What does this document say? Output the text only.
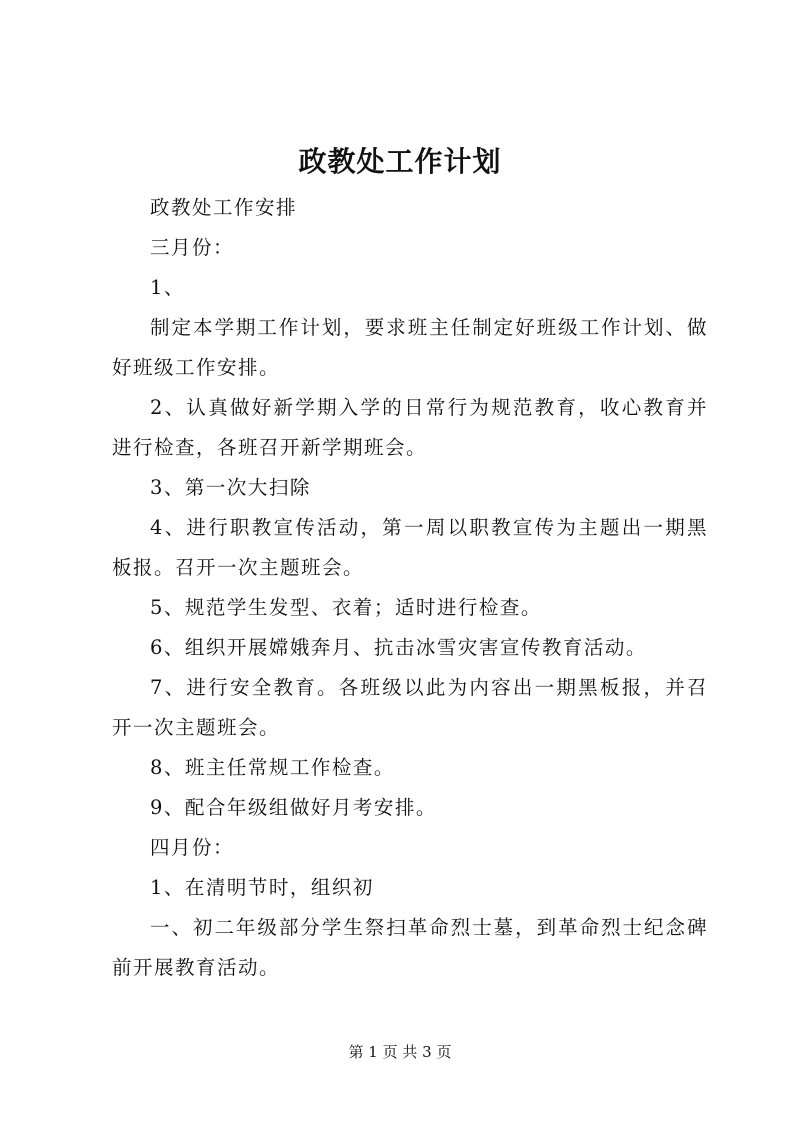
政教处工作计划

政教处工作安排

三月份：

1、

制定本学期工作计划，要求班主任制定好班级工作计划、做好班级工作安排。

2、认真做好新学期入学的日常行为规范教育，收心教育并进行检查，各班召开新学期班会。

3、第一次大扫除

4、进行职教宣传活动，第一周以职教宣传为主题出一期黑板报。召开一次主题班会。

5、规范学生发型、衣着；适时进行检查。

6、组织开展嫦娥奔月、抗击冰雪灾害宣传教育活动。

7、进行安全教育。各班级以此为内容出一期黑板报，并召开一次主题班会。

8、班主任常规工作检查。

9、配合年级组做好月考安排。

四月份：

1、在清明节时，组织初

一、初二年级部分学生祭扫革命烈士墓，到革命烈士纪念碑前开展教育活动。

第 1 页 共 3 页
